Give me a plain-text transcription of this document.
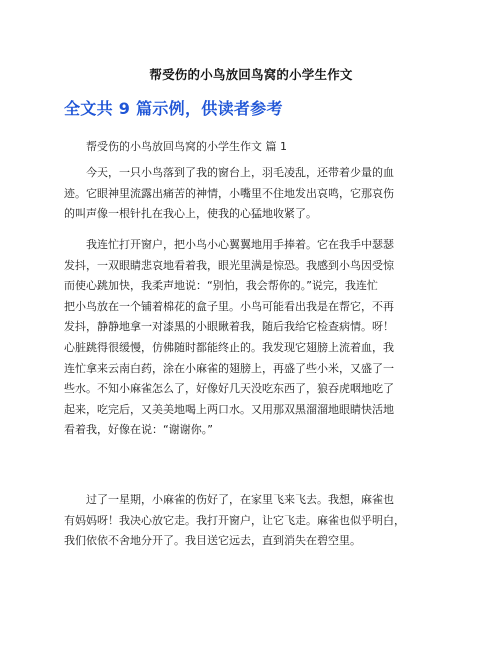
帮受伤的小鸟放回鸟窝的小学生作文
全文共 9 篇示例，供读者参考
帮受伤的小鸟放回鸟窝的小学生作文 篇 1
今天，一只小鸟落到了我的窗台上，羽毛凌乱，还带着少量的血
迹。它眼神里流露出痛苦的神情，小嘴里不住地发出哀鸣，它那哀伤
的叫声像一根针扎在我心上，使我的心猛地收紧了。
我连忙打开窗户，把小鸟小心翼翼地用手捧着。它在我手中瑟瑟
发抖，一双眼睛悲哀地看着我，眼光里满是惊恐。我感到小鸟因受惊
而使心跳加快，我柔声地说：“别怕，我会帮你的。”说完，我连忙
把小鸟放在一个铺着棉花的盒子里。小鸟可能看出我是在帮它，不再
发抖，静静地拿一对漆黑的小眼瞅着我，随后我给它检查病情。呀！
心脏跳得很缓慢，仿佛随时都能终止的。我发现它翅膀上流着血，我
连忙拿来云南白药，涂在小麻雀的翅膀上，再盛了些小米，又盛了一
些水。不知小麻雀怎么了，好像好几天没吃东西了，狼吞虎咽地吃了
起来，吃完后，又美美地喝上两口水。又用那双黑溜溜地眼睛快活地
看着我，好像在说：“谢谢你。”
过了一星期，小麻雀的伤好了，在家里飞来飞去。我想，麻雀也
有妈妈呀！我决心放它走。我打开窗户，让它飞走。麻雀也似乎明白，
我们依依不舍地分开了。我目送它远去，直到消失在碧空里。
